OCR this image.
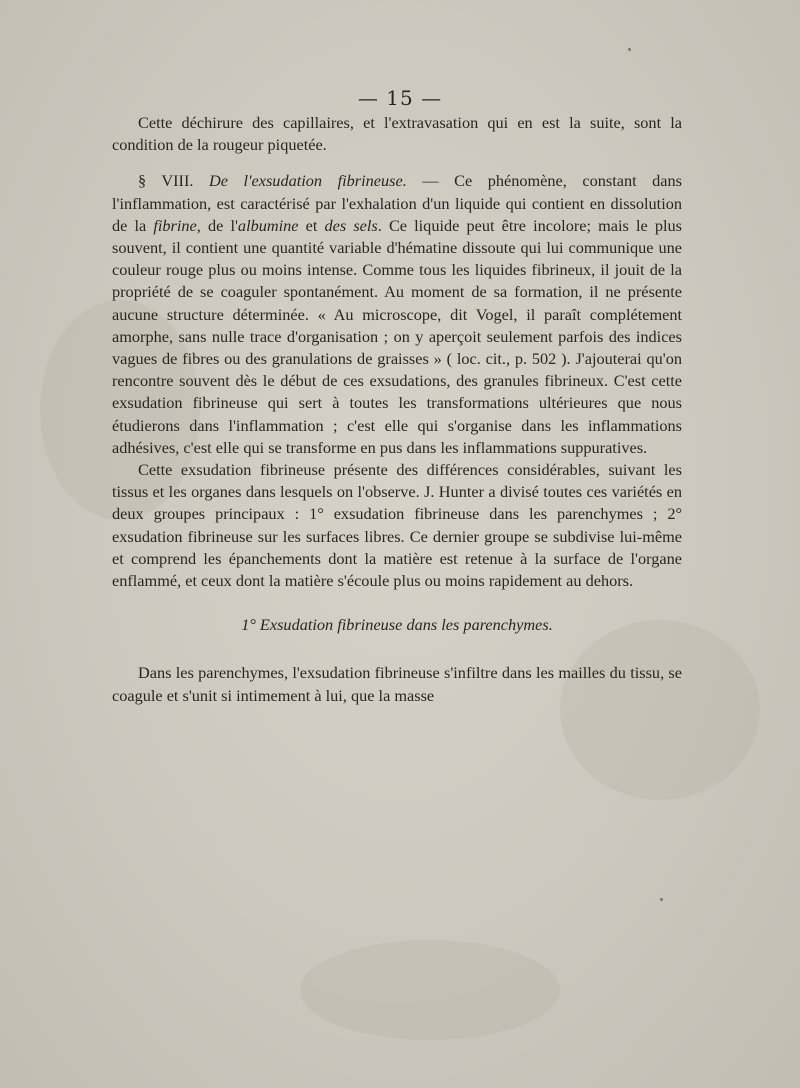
— 15 —

Cette déchirure des capillaires, et l'extravasation qui en est la suite, sont la condition de la rougeur piquetée.

§ VIII. De l'exsudation fibrineuse. — Ce phénomène, constant dans l'inflammation, est caractérisé par l'exhalation d'un liquide qui contient en dissolution de la fibrine, de l'albumine et des sels. Ce liquide peut être incolore; mais le plus souvent, il contient une quantité variable d'hématine dissoute qui lui communique une couleur rouge plus ou moins intense. Comme tous les liquides fibrineux, il jouit de la propriété de se coaguler spontanément. Au moment de sa formation, il ne présente aucune structure déterminée. « Au microscope, dit Vogel, il paraît complétement amorphe, sans nulle trace d'organisation ; on y aperçoit seulement parfois des indices vagues de fibres ou des granulations de graisses » ( loc. cit., p. 502 ). J'ajouterai qu'on rencontre souvent dès le début de ces exsudations, des granules fibrineux. C'est cette exsudation fibrineuse qui sert à toutes les transformations ultérieures que nous étudierons dans l'inflammation ; c'est elle qui s'organise dans les inflammations adhésives, c'est elle qui se transforme en pus dans les inflammations suppuratives.

Cette exsudation fibrineuse présente des différences considérables, suivant les tissus et les organes dans lesquels on l'observe. J. Hunter a divisé toutes ces variétés en deux groupes principaux : 1° exsudation fibrineuse dans les parenchymes ; 2° exsudation fibrineuse sur les surfaces libres. Ce dernier groupe se subdivise lui-même et comprend les épanchements dont la matière est retenue à la surface de l'organe enflammé, et ceux dont la matière s'écoule plus ou moins rapidement au dehors.

1° Exsudation fibrineuse dans les parenchymes.

Dans les parenchymes, l'exsudation fibrineuse s'infiltre dans les mailles du tissu, se coagule et s'unit si intimement à lui, que la masse
